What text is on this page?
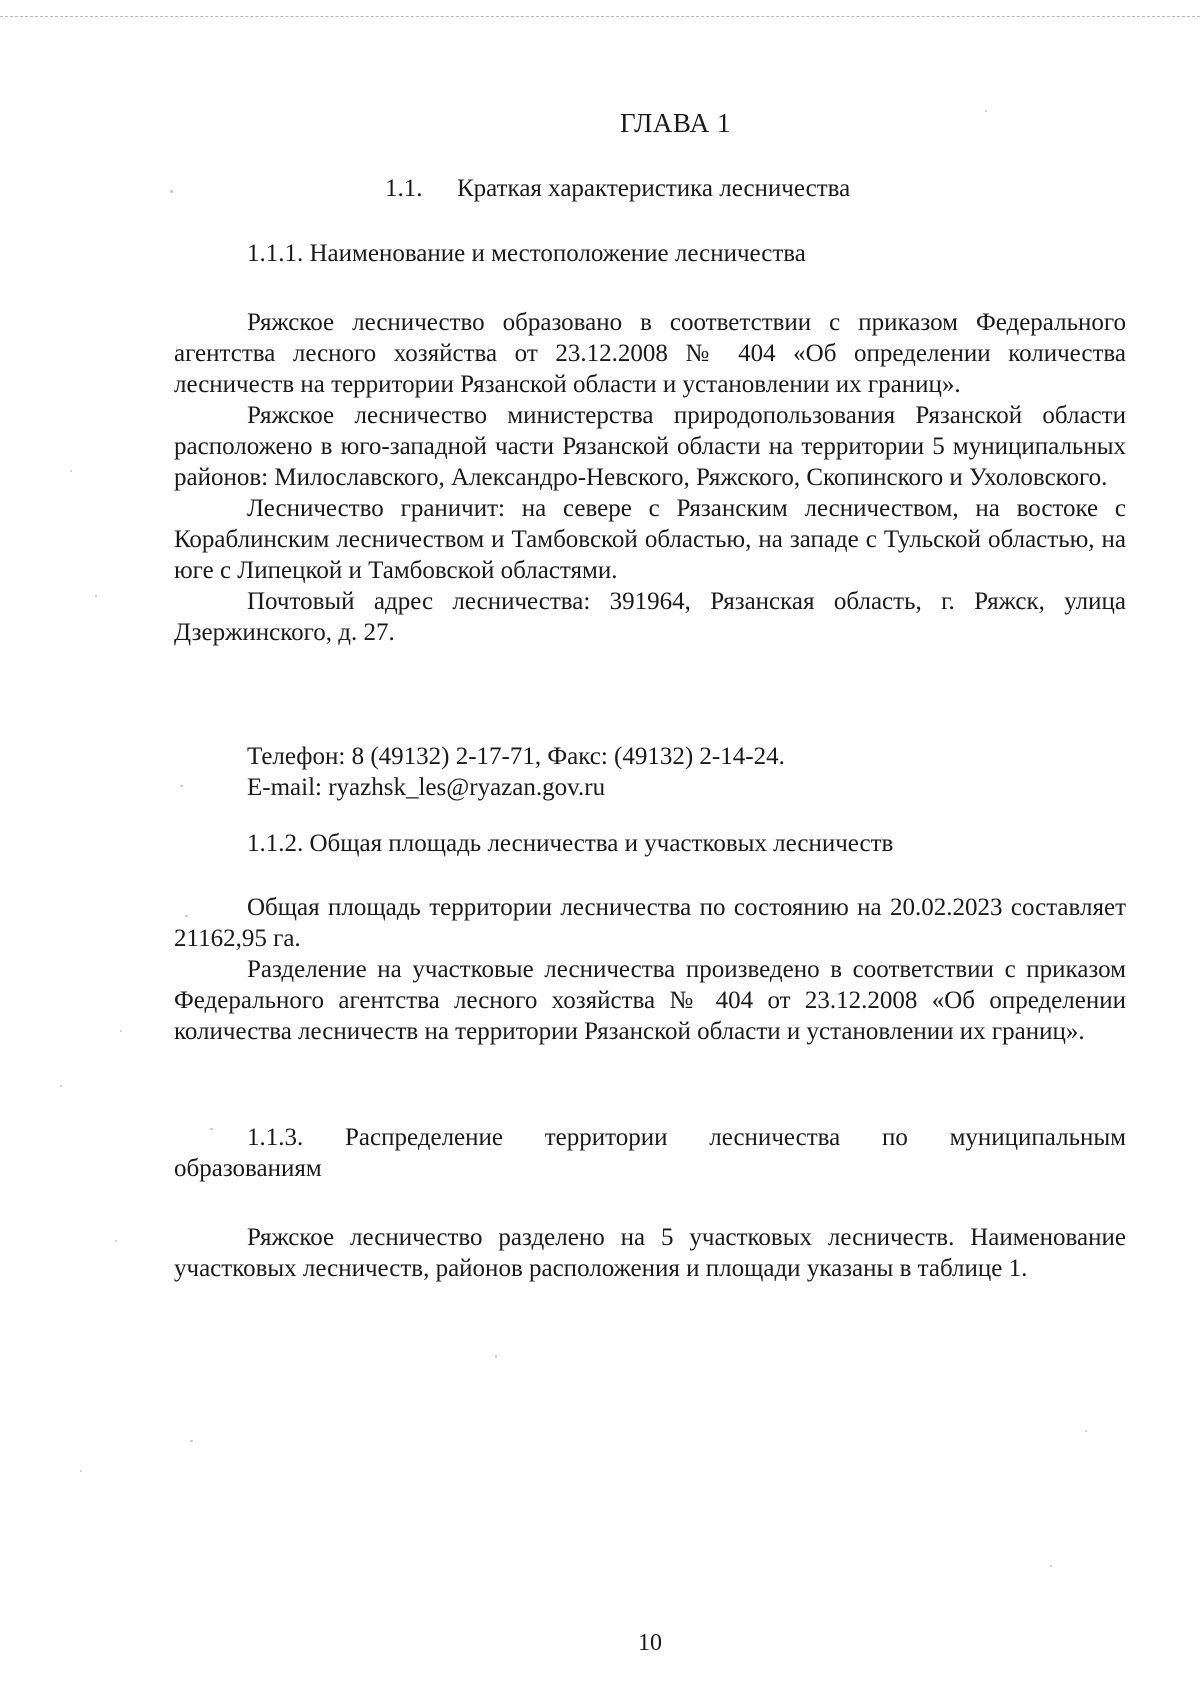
ГЛАВА 1
1.1. Краткая характеристика лесничества
1.1.1. Наименование и местоположение лесничества

Ряжское лесничество образовано в соответствии с приказом Федерального агентства лесного хозяйства от 23.12.2008 № 404 «Об определении количества лесничеств на территории Рязанской области и установлении их границ».

Ряжское лесничество министерства природопользования Рязанской области расположено в юго-западной части Рязанской области на территории 5 муниципальных районов: Милославского, Александро-Невского, Ряжского, Скопинского и Ухоловского.

Лесничество граничит: на севере с Рязанским лесничеством, на востоке с Кораблинским лесничеством и Тамбовской областью, на западе с Тульской областью, на юге с Липецкой и Тамбовской областями.

Почтовый адрес лесничества: 391964, Рязанская область, г. Ряжск, улица Дзержинского, д. 27.

Телефон: 8 (49132) 2-17-71, Факс: (49132) 2-14-24.
E-mail: ryazhsk_les@ryazan.gov.ru
1.1.2. Общая площадь лесничества и участковых лесничеств

Общая площадь территории лесничества по состоянию на 20.02.2023 составляет 21162,95 га.

Разделение на участковые лесничества произведено в соответствии с приказом Федерального агентства лесного хозяйства № 404 от 23.12.2008 «Об определении количества лесничеств на территории Рязанской области и установлении их границ».

1.1.3. Распределение территории лесничества по муниципальным
образованиям

Ряжское лесничество разделено на 5 участковых лесничеств. Наименование участковых лесничеств, районов расположения и площади указаны в таблице 1.

10
